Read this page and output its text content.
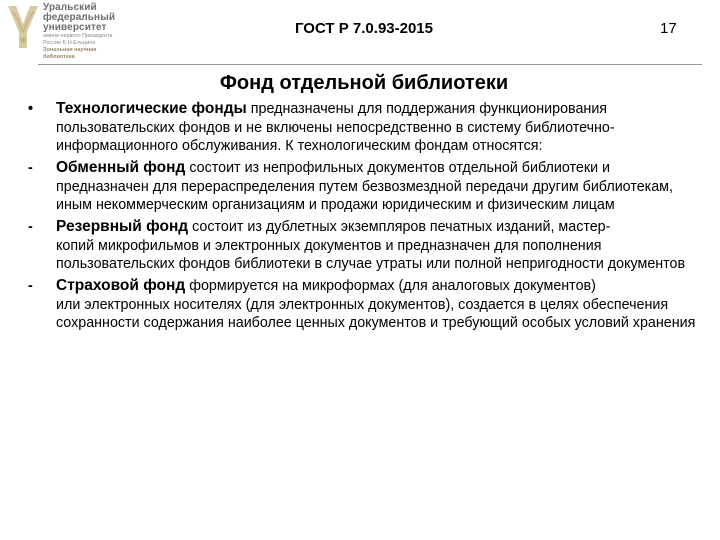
Уральский
федеральный
университет
имени первого Президента
России Б.Н.Ельцина
Зональная научная
библиотека
ГОСТ Р 7.0.93-2015	17
Фонд отдельной библиотеки
• Технологические фонды предназначены для поддержания функционирования
пользовательских фондов и не включены непосредственно в систему библиотечно-информационного обслуживания. К технологическим фондам относятся:
- Обменный фонд состоит из непрофильных документов отдельной библиотеки и
предназначен для перераспределения путем безвозмездной передачи другим библиотекам, иным некоммерческим организациям и продажи юридическим и физическим лицам
- Резервный фонд состоит из дублетных экземпляров печатных изданий, мастер-
копий микрофильмов и электронных документов и предназначен для пополнения пользовательских фондов библиотеки в случае утраты или полной непригодности документов
- Страховой фонд формируется на микроформах (для аналоговых документов)
или электронных носителях (для электронных документов), создается в целях обеспечения сохранности содержания наиболее ценных документов и требующий особых условий хранения
